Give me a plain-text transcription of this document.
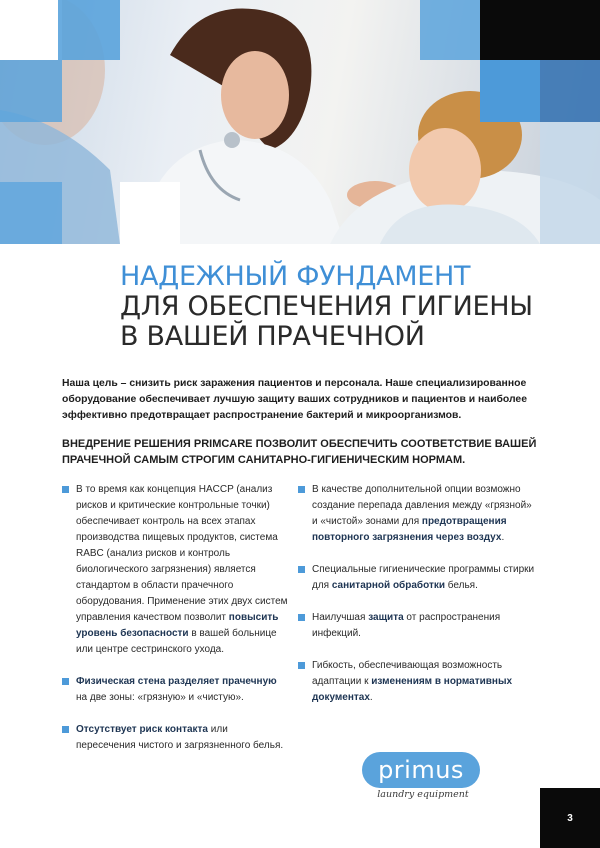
НАДЕЖНЫЙ ФУНДАМЕНТ
ДЛЯ ОБЕСПЕЧЕНИЯ ГИГИЕНЫ
В ВАШЕЙ ПРАЧЕЧНОЙ
Наша цель – снизить риск заражения пациентов и персонала. Наше специализированное оборудование обеспечивает лучшую защиту ваших сотрудников и пациентов и наиболее эффективно предотвращает распространение бактерий и микроорганизмов.
ВНЕДРЕНИЕ РЕШЕНИЯ PRIMCARE ПОЗВОЛИТ ОБЕСПЕЧИТЬ СООТВЕТСТВИЕ ВАШЕЙ ПРАЧЕЧНОЙ САМЫМ СТРОГИМ САНИТАРНО-ГИГИЕНИЧЕСКИМ НОРМАМ.
В то время как концепция HACCP (анализ рисков и критические контрольные точки) обеспечивает контроль на всех этапах производства пищевых продуктов, система RABC (анализ рисков и контроль биологического загрязнения) является стандартом в области прачечного оборудования. Применение этих двух систем управления качеством позволит повысить уровень безопасности в вашей больнице или центре сестринского ухода.
Физическая стена разделяет прачечную на две зоны: «грязную» и «чистую».
Отсутствует риск контакта или пересечения чистого и загрязненного белья.
В качестве дополнительной опции возможно создание перепада давления между «грязной» и «чистой» зонами для предотвращения повторного загрязнения через воздух.
Специальные гигиенические программы стирки для санитарной обработки белья.
Наилучшая защита от распространения инфекций.
Гибкость, обеспечивающая возможность адаптации к изменениям в нормативных документах.
primus
laundry equipment
3
